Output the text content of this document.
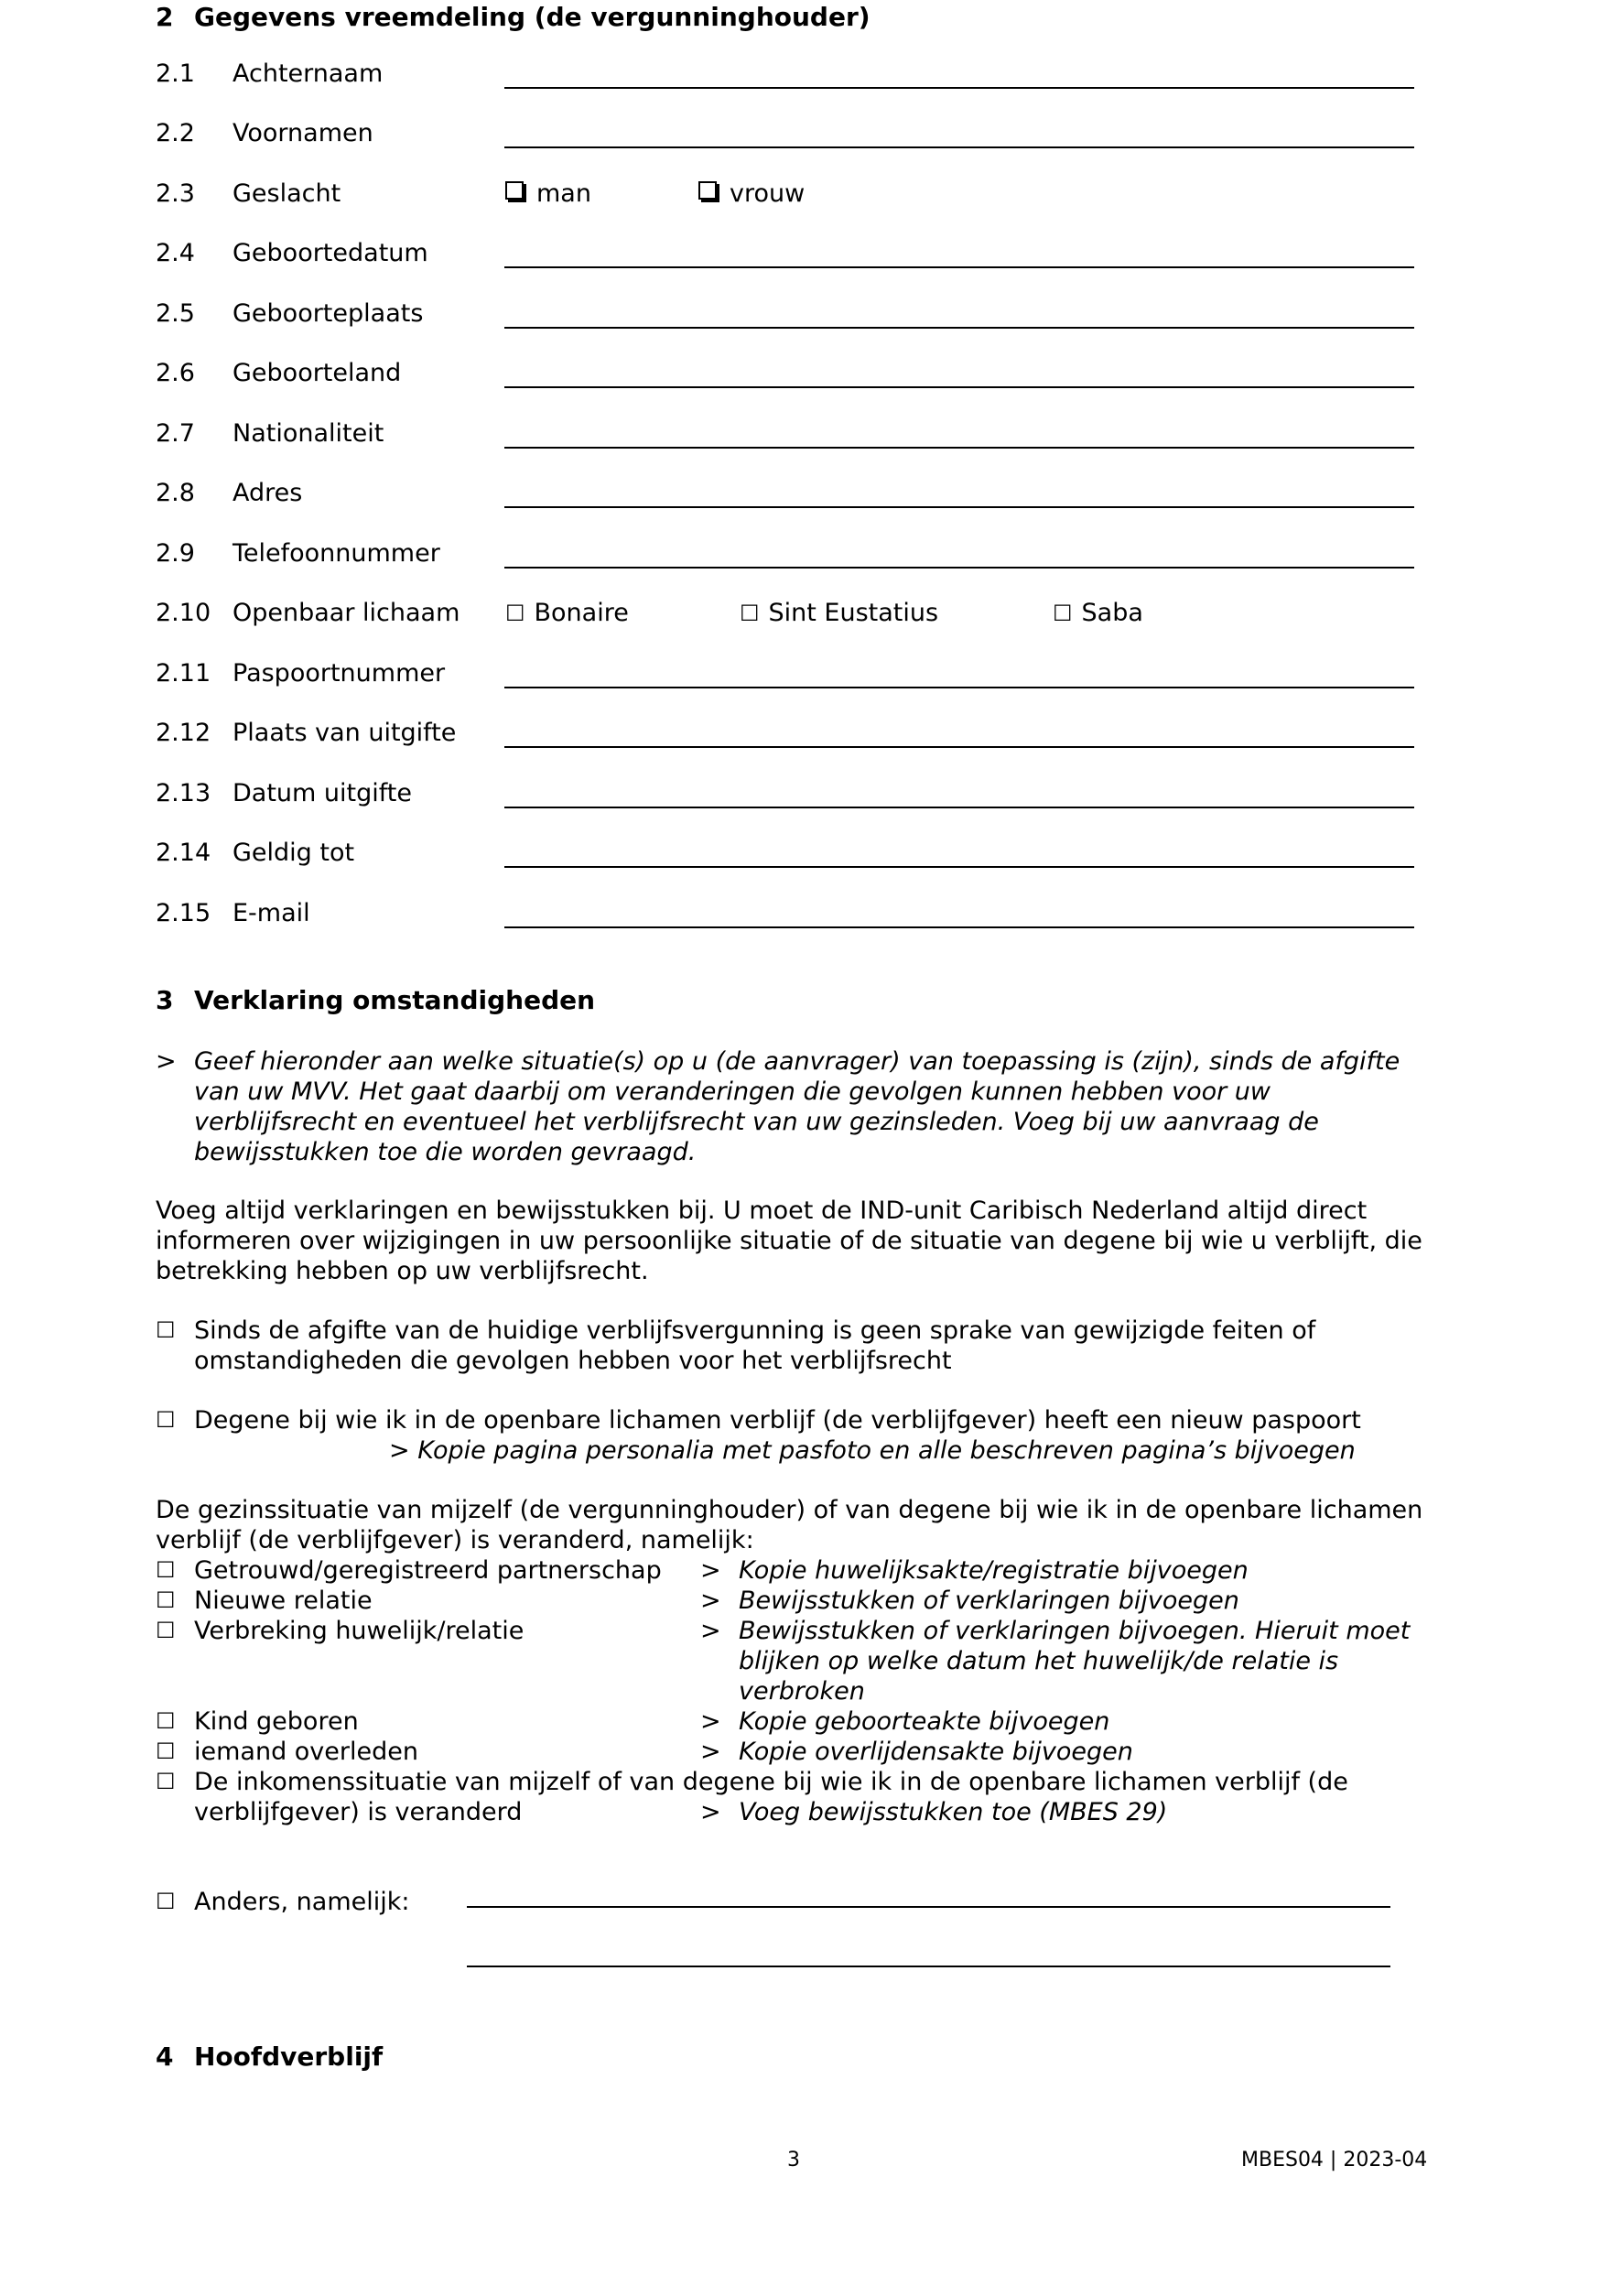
2 Gegevens vreemdeling (de vergunninghouder)
2.1 Achternaam
2.2 Voornamen
2.3 Geslacht	man	vrouw
2.4 Geboortedatum
2.5 Geboorteplaats
2.6 Geboorteland
2.7 Nationaliteit
2.8 Adres
2.9 Telefoonnummer
2.10 Openbaar lichaam ☐ Bonaire	☐ Sint Eustatius	☐ Saba
2.11 Paspoortnummer
2.12 Plaats van uitgifte
2.13 Datum uitgifte
2.14 Geldig tot
2.15 E-mail
3 Verklaring omstandigheden
> Geef hieronder aan welke situatie(s) op u (de aanvrager) van toepassing is (zijn), sinds de afgifte
van uw MVV. Het gaat daarbij om veranderingen die gevolgen kunnen hebben voor uw
verblijfsrecht en eventueel het verblijfsrecht van uw gezinsleden. Voeg bij uw aanvraag de
bewijsstukken toe die worden gevraagd.
Voeg altijd verklaringen en bewijsstukken bij. U moet de IND-unit Caribisch Nederland altijd direct
informeren over wijzigingen in uw persoonlijke situatie of de situatie van degene bij wie u verblijft, die
betrekking hebben op uw verblijfsrecht.
☐ Sinds de afgifte van de huidige verblijfsvergunning is geen sprake van gewijzigde feiten of
omstandigheden die gevolgen hebben voor het verblijfsrecht
☐ Degene bij wie ik in de openbare lichamen verblijf (de verblijfgever) heeft een nieuw paspoort
> Kopie pagina personalia met pasfoto en alle beschreven pagina’s bijvoegen
De gezinssituatie van mijzelf (de vergunninghouder) of van degene bij wie ik in de openbare lichamen
verblijf (de verblijfgever) is veranderd, namelijk:
☐ Getrouwd/geregistreerd partnerschap > Kopie huwelijksakte/registratie bijvoegen
☐ Nieuwe relatie	> Bewijsstukken of verklaringen bijvoegen
☐ Verbreking huwelijk/relatie	> Bewijsstukken of verklaringen bijvoegen. Hieruit moet
blijken op welke datum het huwelijk/de relatie is
verbroken
☐ Kind geboren	> Kopie geboorteakte bijvoegen
☐ iemand overleden	> Kopie overlijdensakte bijvoegen
☐ De inkomenssituatie van mijzelf of van degene bij wie ik in de openbare lichamen verblijf (de
verblijfgever) is veranderd	> Voeg bewijsstukken toe (MBES 29)
☐ Anders, namelijk:
4 Hoofdverblijf
3	MBES04 | 2023-04
